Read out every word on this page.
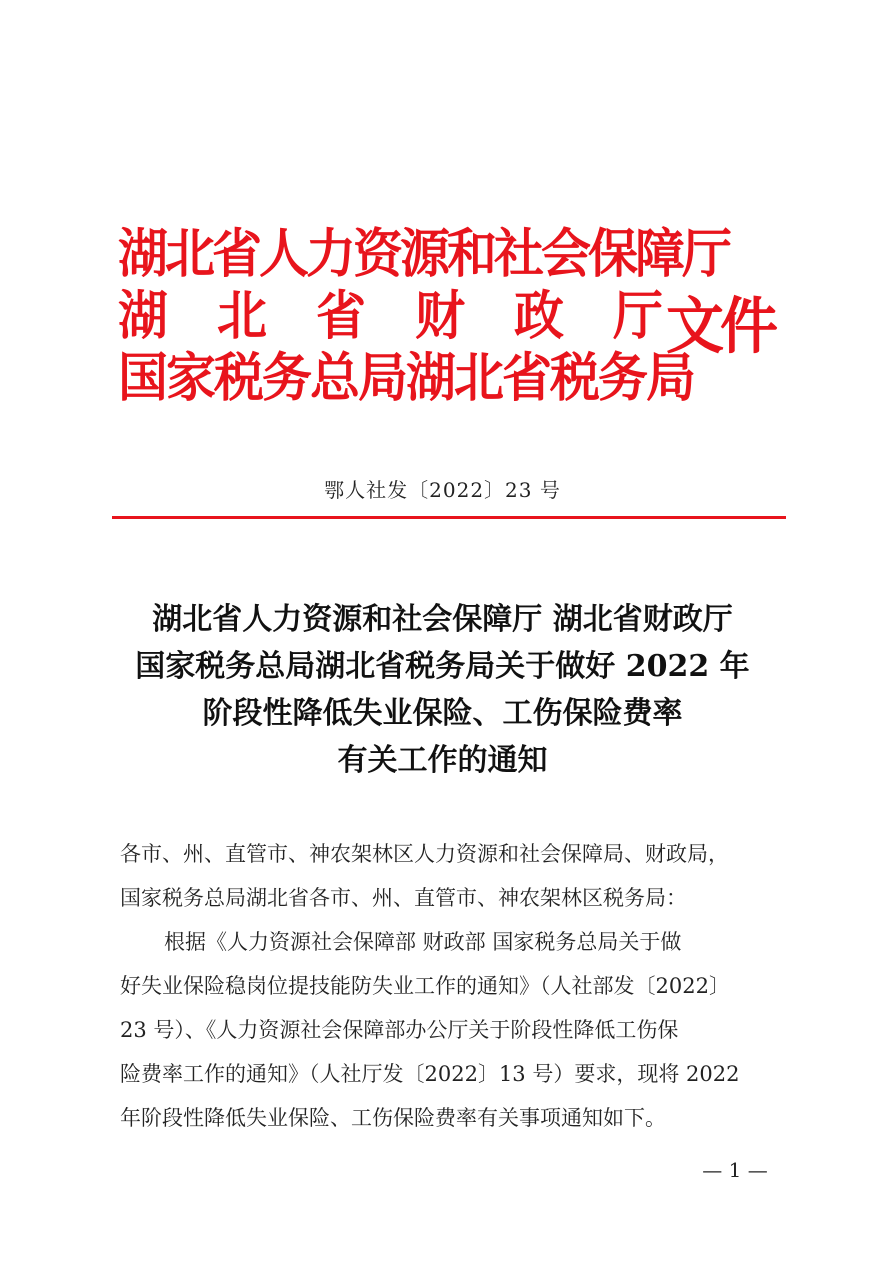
湖北省人力资源和社会保障厅
湖 北 省 财 政 厅
国家税务总局湖北省税务局
文件
鄂人社发〔2022〕23 号
湖北省人力资源和社会保障厅 湖北省财政厅
国家税务总局湖北省税务局关于做好 2022 年
阶段性降低失业保险、工伤保险费率
有关工作的通知
各市、州、直管市、神农架林区人力资源和社会保障局、财政局，
国家税务总局湖北省各市、州、直管市、神农架林区税务局：
根据《人力资源社会保障部 财政部 国家税务总局关于做
好失业保险稳岗位提技能防失业工作的通知》（人社部发〔2022〕
23 号）、《人力资源社会保障部办公厅关于阶段性降低工伤保
险费率工作的通知》（人社厅发〔2022〕13 号）要求，现将 2022
年阶段性降低失业保险、工伤保险费率有关事项通知如下。
— 1 —
